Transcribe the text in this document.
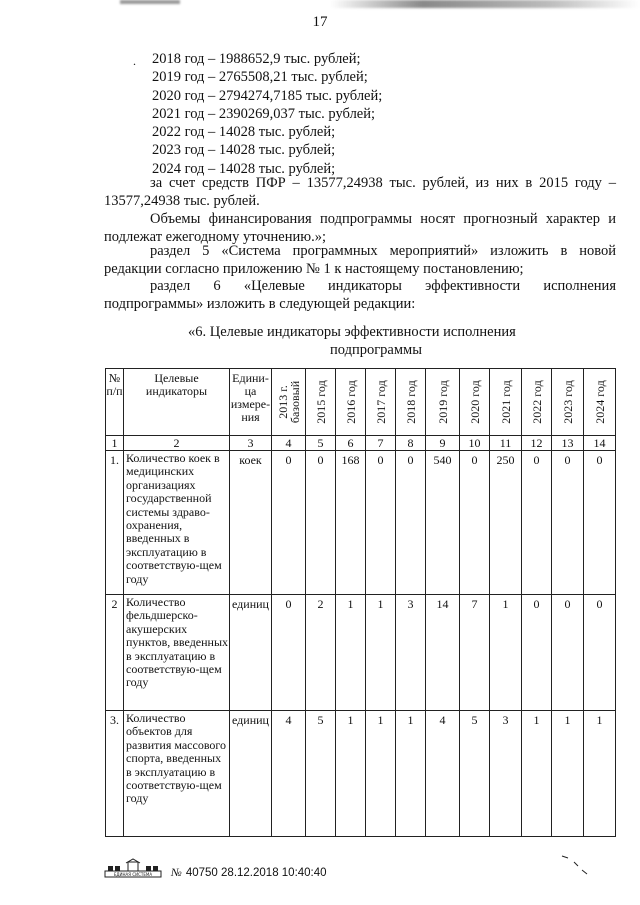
17
. 2018 год – 1988652,9 тыс. рублей;
2019 год – 2765508,21 тыс. рублей;
2020 год – 2794274,7185 тыс. рублей;
2021 год – 2390269,037 тыс. рублей;
2022 год – 14028 тыс. рублей;
2023 год – 14028 тыс. рублей;
2024 год – 14028 тыс. рублей;
за счет средств ПФР – 13577,24938 тыс. рублей, из них в 2015 году –
13577,24938 тыс. рублей.
Объемы финансирования подпрограммы носят прогнозный характер и
подлежат ежегодному уточнению.»;
раздел 5 «Система программных мероприятий» изложить в новой
редакции согласно приложению № 1 к настоящему постановлению;
раздел 6 «Целевые индикаторы эффективности исполнения
подпрограммы» изложить в следующей редакции:
«6. Целевые индикаторы эффективности исполнения
подпрограммы
№ п/п	Целевые индикаторы	Едини-ца измере-ния	2013 г. базовый	2015 год	2016 год	2017 год	2018 год	2019 год	2020 год	2021 год	2022 год	2023 год	2024 год

1	2	3	4	5	6	7	8	9	10	11	12	13	14
1.	Количество коек в медицинских организациях государственной системы здраво-охранения, введенных в эксплуатацию в соответствую-щем году	коек	0	0	168	0	0	540	0	250	0	0	0
2	Количество фельдшерско-акушерских пунктов, введенных в эксплуатацию в соответствую-щем году	единиц	0	2	1	1	3	14	7	1	0	0	0
3.	Количество объектов для развития массового спорта, введенных в эксплуатацию в соответствую-щем году	единиц	4	5	1	1	1	4	5	3	1	1	1
ЕДИНАЯ СИСТЕМА № 40750 28.12.2018 10:40:40
